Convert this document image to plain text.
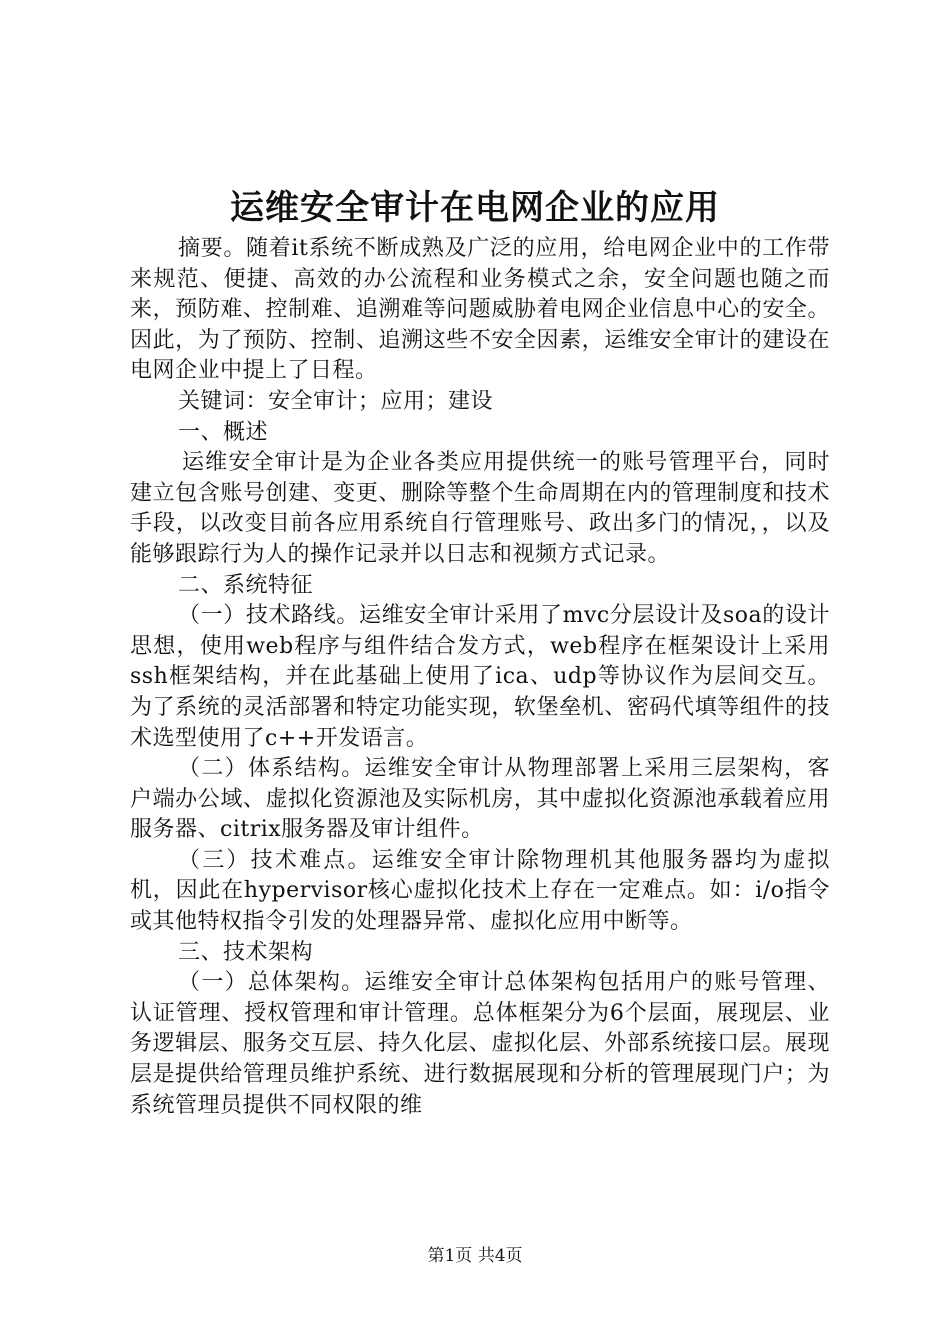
运维安全审计在电网企业的应用

摘要。随着it系统不断成熟及广泛的应用，给电网企业中的工作带来规范、便捷、高效的办公流程和业务模式之余，安全问题也随之而来，预防难、控制难、追溯难等问题威胁着电网企业信息中心的安全。因此，为了预防、控制、追溯这些不安全因素，运维安全审计的建设在电网企业中提上了日程。

关键词：安全审计；应用；建设

一、概述

运维安全审计是为企业各类应用提供统一的账号管理平台，同时建立包含账号创建、变更、删除等整个生命周期在内的管理制度和技术手段，以改变目前各应用系统自行管理账号、政出多门的情况，，以及能够跟踪行为人的操作记录并以日志和视频方式记录。

二、系统特征

（一）技术路线。运维安全审计采用了mvc分层设计及soa的设计思想，使用web程序与组件结合发方式，web程序在框架设计上采用ssh框架结构，并在此基础上使用了ica、udp等协议作为层间交互。为了系统的灵活部署和特定功能实现，软堡垒机、密码代填等组件的技术选型使用了c++开发语言。

（二）体系结构。运维安全审计从物理部署上采用三层架构，客户端办公域、虚拟化资源池及实际机房，其中虚拟化资源池承载着应用服务器、citrix服务器及审计组件。

（三）技术难点。运维安全审计除物理机其他服务器均为虚拟机，因此在hypervisor核心虚拟化技术上存在一定难点。如：i/o指令或其他特权指令引发的处理器异常、虚拟化应用中断等。

三、技术架构

（一）总体架构。运维安全审计总体架构包括用户的账号管理、认证管理、授权管理和审计管理。总体框架分为6个层面，展现层、业务逻辑层、服务交互层、持久化层、虚拟化层、外部系统接口层。展现层是提供给管理员维护系统、进行数据展现和分析的管理展现门户；为系统管理员提供不同权限的维

第1页 共4页
